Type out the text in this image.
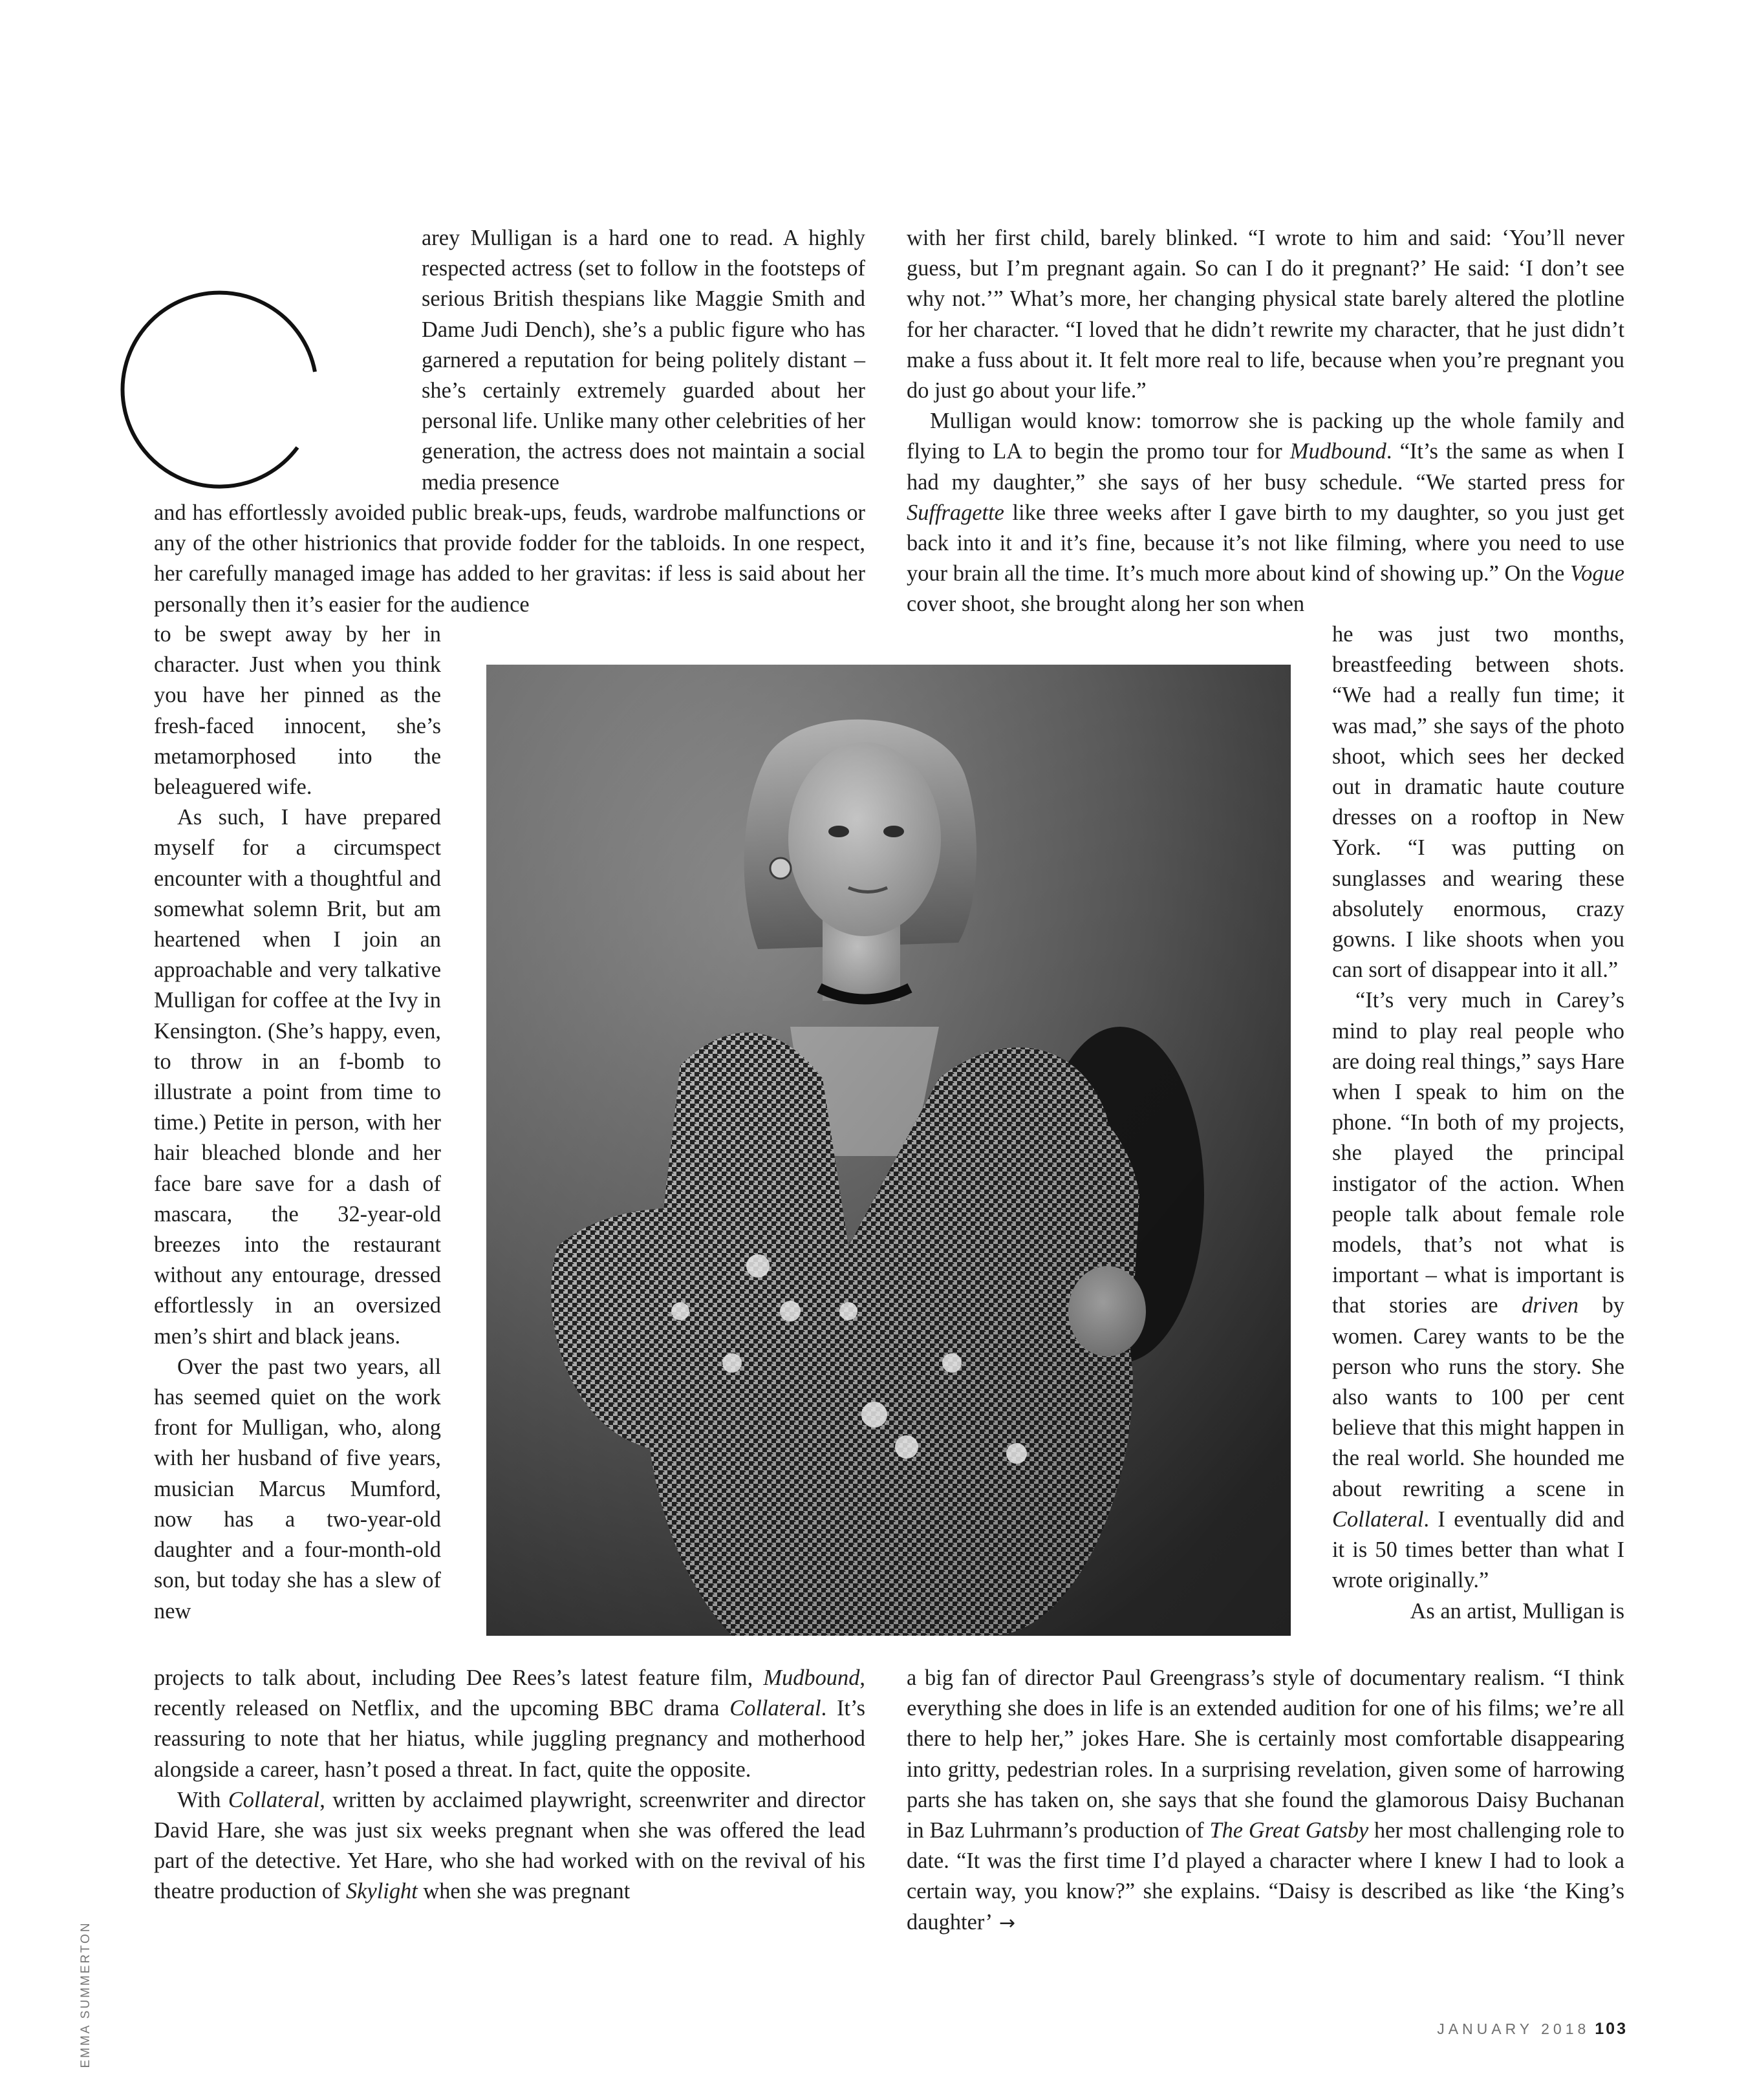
C

arey Mulligan is a hard one to read. A highly respected actress (set to follow in the footsteps of serious British thespians like Maggie Smith and Dame Judi Dench), she’s a public figure who has garnered a reputation for being politely distant – she’s certainly extremely guarded about her personal life. Unlike many other celebrities of her generation, the actress does not maintain a social media presence

and has effortlessly avoided public break-ups, feuds, wardrobe malfunctions or any of the other histrionics that provide fodder for the tabloids. In one respect, her carefully managed image has added to her gravitas: if less is said about her personally then it’s easier for the audience

to be swept away by her in character. Just when you think you have her pinned as the fresh-faced innocent, she’s metamorphosed into the beleaguered wife.

As such, I have prepared myself for a circumspect encounter with a thoughtful and somewhat solemn Brit, but am heartened when I join an approachable and very talkative Mulligan for coffee at the Ivy in Kensington. (She’s happy, even, to throw in an f-bomb to illustrate a point from time to time.) Petite in person, with her hair bleached blonde and her face bare save for a dash of mascara, the 32-year-old breezes into the restaurant without any entourage, dressed effortlessly in an oversized men’s shirt and black jeans.

Over the past two years, all has seemed quiet on the work front for Mulligan, who, along with her husband of five years, musician Marcus Mumford, now has a two-year-old daughter and a four-month-old son, but today she has a slew of new

projects to talk about, including Dee Rees’s latest feature film, Mudbound, recently released on Netflix, and the upcoming BBC drama Collateral. It’s reassuring to note that her hiatus, while juggling pregnancy and motherhood alongside a career, hasn’t posed a threat. In fact, quite the opposite.

With Collateral, written by acclaimed playwright, screenwriter and director David Hare, she was just six weeks pregnant when she was offered the lead part of the detective. Yet Hare, who she had worked with on the revival of his theatre production of Skylight when she was pregnant

with her first child, barely blinked. “I wrote to him and said: ‘You’ll never guess, but I’m pregnant again. So can I do it pregnant?’ He said: ‘I don’t see why not.’” What’s more, her changing physical state barely altered the plotline for her character. “I loved that he didn’t rewrite my character, that he just didn’t make a fuss about it. It felt more real to life, because when you’re pregnant you do just go about your life.”

Mulligan would know: tomorrow she is packing up the whole family and flying to LA to begin the promo tour for Mudbound. “It’s the same as when I had my daughter,” she says of her busy schedule. “We started press for Suffragette like three weeks after I gave birth to my daughter, so you just get back into it and it’s fine, because it’s not like filming, where you need to use your brain all the time. It’s much more about kind of showing up.” On the Vogue cover shoot, she brought along her son when

he was just two months, breastfeeding between shots. “We had a really fun time; it was mad,” she says of the photo shoot, which sees her decked out in dramatic haute couture dresses on a rooftop in New York. “I was putting on sunglasses and wearing these absolutely enormous, crazy gowns. I like shoots when you can sort of disappear into it all.”

“It’s very much in Carey’s mind to play real people who are doing real things,” says Hare when I speak to him on the phone. “In both of my projects, she played the principal instigator of the action. When people talk about female role models, that’s not what is important – what is important is that stories are driven by women. Carey wants to be the person who runs the story. She also wants to 100 per cent believe that this might happen in the real world. She hounded me about rewriting a scene in Collateral. I eventually did and it is 50 times better than what I wrote originally.”

As an artist, Mulligan is

a big fan of director Paul Greengrass’s style of documentary realism. “I think everything she does in life is an extended audition for one of his films; we’re all there to help her,” jokes Hare. She is certainly most comfortable disappearing into gritty, pedestrian roles. In a surprising revelation, given some of harrowing parts she has taken on, she says that she found the glamorous Daisy Buchanan in Baz Luhrmann’s production of The Great Gatsby her most challenging role to date. “It was the first time I’d played a character where I knew I had to look a certain way, you know?” she explains. “Daisy is described as like ‘the King’s daughter’ →

EMMA SUMMERTON	JANUARY 2018 103
